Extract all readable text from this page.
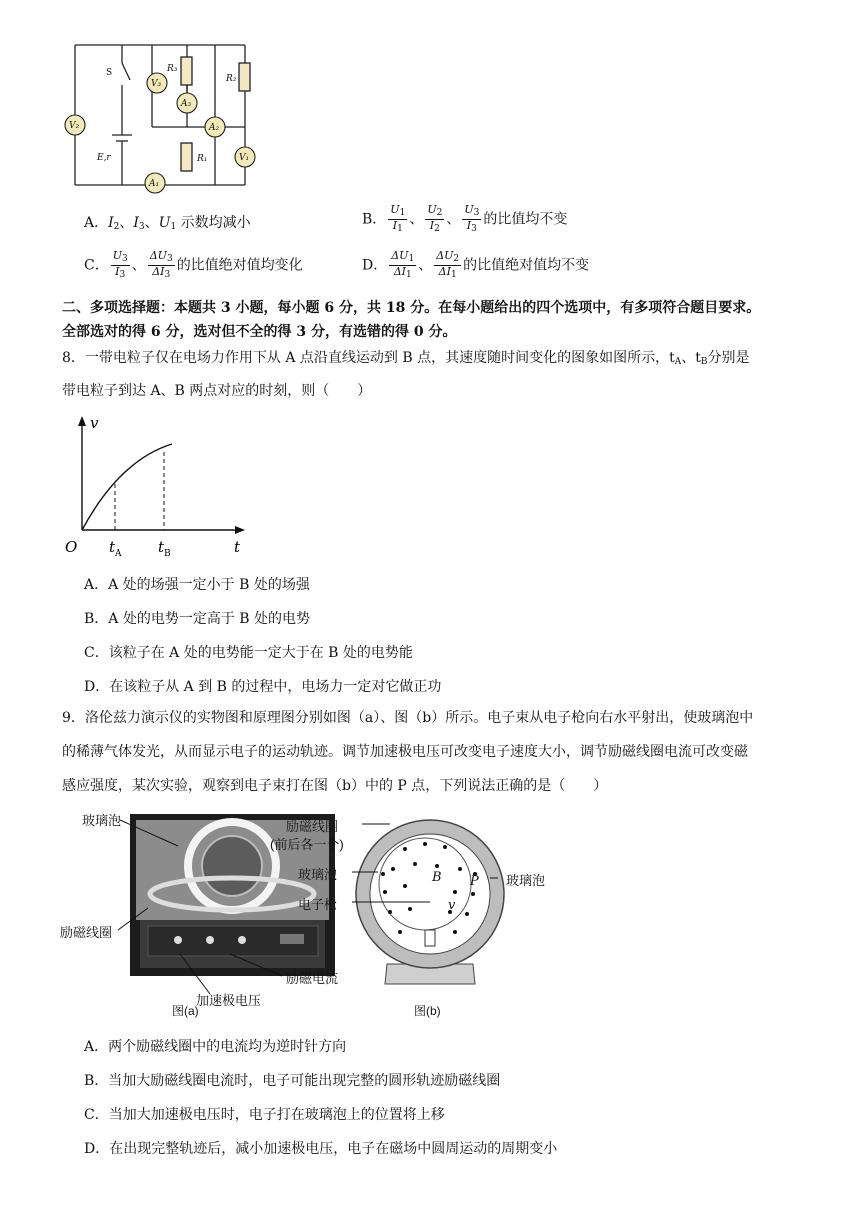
V₂
V₃
A₃
A₂
V₁
A₁
R₃
R₂
R₁
S
E,r
A．$I_2$、$I_3$、$U_1$ 示数均减小	B． $\frac{U_1}{I_1}$ 、 $\frac{U_2}{I_2}$ 、 $\frac{U_3}{I_3}$ 的比值均不变
C． $\frac{U_3}{I_3}$ 、 $\frac{\Delta U_3}{\Delta I_3}$ 的比值绝对值均变化	D． $\frac{\Delta U_1}{\Delta I_1}$ 、 $\frac{\Delta U_2}{\Delta I_1}$ 的比值绝对值均不变
二、多项选择题：本题共 3 小题，每小题 6 分，共 18 分。在每小题给出的四个选项中，有多项符合题目要求。
全部选对的得 6 分，选对但不全的得 3 分，有选错的得 0 分。
8．一带电粒子仅在电场力作用下从 A 点沿直线运动到 B 点，其速度随时间变化的图象如图所示，$t_A$、$t_B$分别是
带电粒子到达 A、B 两点对应的时刻，则（　　）
v
t
O t A t B
A．A 处的场强一定小于 B 处的场强
B．A 处的电势一定高于 B 处的电势
C．该粒子在 A 处的电势能一定大于在 B 处的电势能
D．在该粒子从 A 到 B 的过程中，电场力一定对它做正功
9．洛伦兹力演示仪的实物图和原理图分别如图（a）、图（b）所示。电子束从电子枪向右水平射出，使玻璃泡中
的稀薄气体发光，从而显示电子的运动轨迹。调节加速极电压可改变电子速度大小，调节励磁线圈电流可改变磁
感应强度，某次实验，观察到电子束打在图（b）中的 P 点，下列说法正确的是（　　）
玻璃泡
励磁线圈
励磁电流
加速极电压
图(a)
B P
v
励磁线圈
(前后各一个)
玻璃泡
电子枪
玻璃泡
图(b)
A．两个励磁线圈中的电流均为逆时针方向
B．当加大励磁线圈电流时，电子可能出现完整的圆形轨迹励磁线圈
C．当加大加速极电压时，电子打在玻璃泡上的位置将上移
D．在出现完整轨迹后，减小加速极电压，电子在磁场中圆周运动的周期变小
